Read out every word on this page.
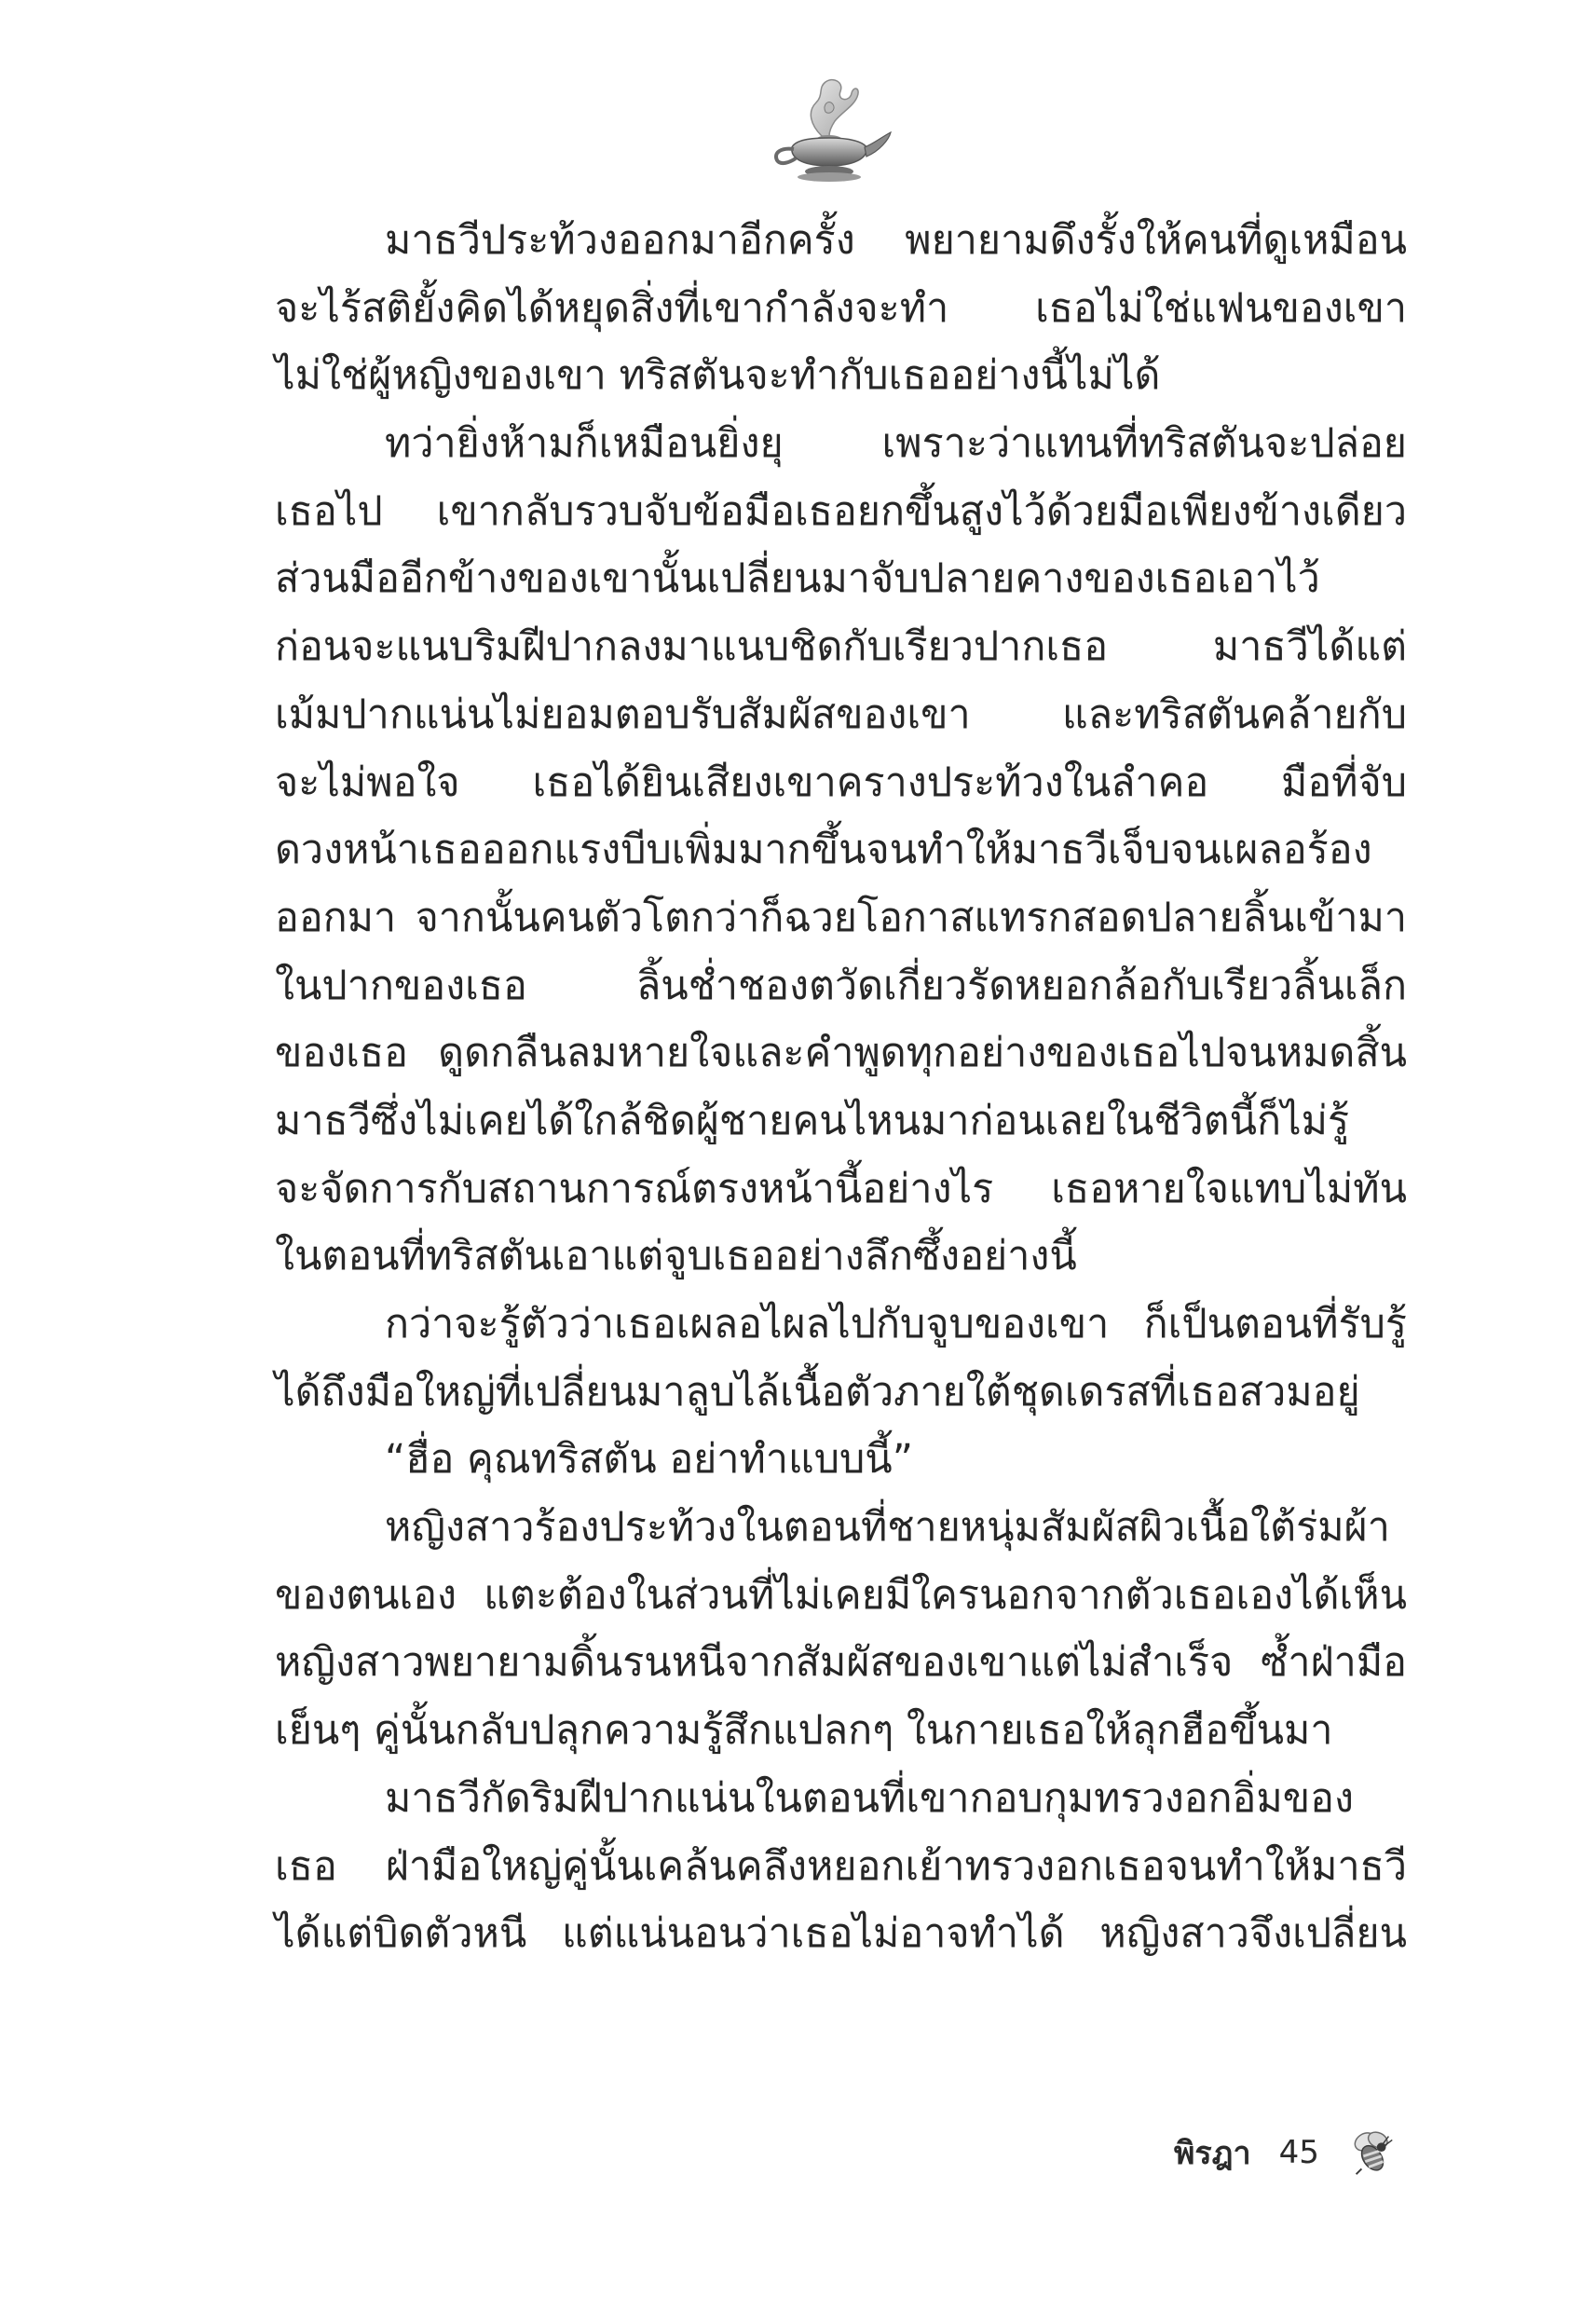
มาธวีประท้วงออกมาอีกครั้ง พยายามดึงรั้งให้คนที่ดูเหมือน
จะไร้สติยั้งคิดได้หยุดสิ่งที่เขากำลังจะทำ เธอไม่ใช่แฟนของเขา
ไม่ใช่ผู้หญิงของเขา ทริสตันจะทำกับเธออย่างนี้ไม่ได้
ทว่ายิ่งห้ามก็เหมือนยิ่งยุ เพราะว่าแทนที่ทริสตันจะปล่อย
เธอไป เขากลับรวบจับข้อมือเธอยกขึ้นสูงไว้ด้วยมือเพียงข้างเดียว
ส่วนมืออีกข้างของเขานั้นเปลี่ยนมาจับปลายคางของเธอเอาไว้
ก่อนจะแนบริมฝีปากลงมาแนบชิดกับเรียวปากเธอ มาธวีได้แต่
เม้มปากแน่นไม่ยอมตอบรับสัมผัสของเขา และทริสตันคล้ายกับ
จะไม่พอใจ เธอได้ยินเสียงเขาครางประท้วงในลำคอ มือที่จับ
ดวงหน้าเธอออกแรงบีบเพิ่มมากขึ้นจนทำให้มาธวีเจ็บจนเผลอร้อง
ออกมา จากนั้นคนตัวโตกว่าก็ฉวยโอกาสแทรกสอดปลายลิ้นเข้ามา
ในปากของเธอ ลิ้นช่ำชองตวัดเกี่ยวรัดหยอกล้อกับเรียวลิ้นเล็ก
ของเธอ ดูดกลืนลมหายใจและคำพูดทุกอย่างของเธอไปจนหมดสิ้น
มาธวีซึ่งไม่เคยได้ใกล้ชิดผู้ชายคนไหนมาก่อนเลยในชีวิตนี้ก็ไม่รู้
จะจัดการกับสถานการณ์ตรงหน้านี้อย่างไร เธอหายใจแทบไม่ทัน
ในตอนที่ทริสตันเอาแต่จูบเธออย่างลึกซึ้งอย่างนี้
กว่าจะรู้ตัวว่าเธอเผลอไผลไปกับจูบของเขา ก็เป็นตอนที่รับรู้
ได้ถึงมือใหญ่ที่เปลี่ยนมาลูบไล้เนื้อตัวภายใต้ชุดเดรสที่เธอสวมอยู่
“ฮื่อ คุณทริสตัน อย่าทำแบบนี้”
หญิงสาวร้องประท้วงในตอนที่ชายหนุ่มสัมผัสผิวเนื้อใต้ร่มผ้า
ของตนเอง แตะต้องในส่วนที่ไม่เคยมีใครนอกจากตัวเธอเองได้เห็น
หญิงสาวพยายามดิ้นรนหนีจากสัมผัสของเขาแต่ไม่สำเร็จ ซ้ำฝ่ามือ
เย็นๆ คู่นั้นกลับปลุกความรู้สึกแปลกๆ ในกายเธอให้ลุกฮือขึ้นมา
มาธวีกัดริมฝีปากแน่นในตอนที่เขากอบกุมทรวงอกอิ่มของ
เธอ ฝ่ามือใหญ่คู่นั้นเคล้นคลึงหยอกเย้าทรวงอกเธอจนทำให้มาธวี
ได้แต่บิดตัวหนี แต่แน่นอนว่าเธอไม่อาจทำได้ หญิงสาวจึงเปลี่ยน
พิรฎา 45
